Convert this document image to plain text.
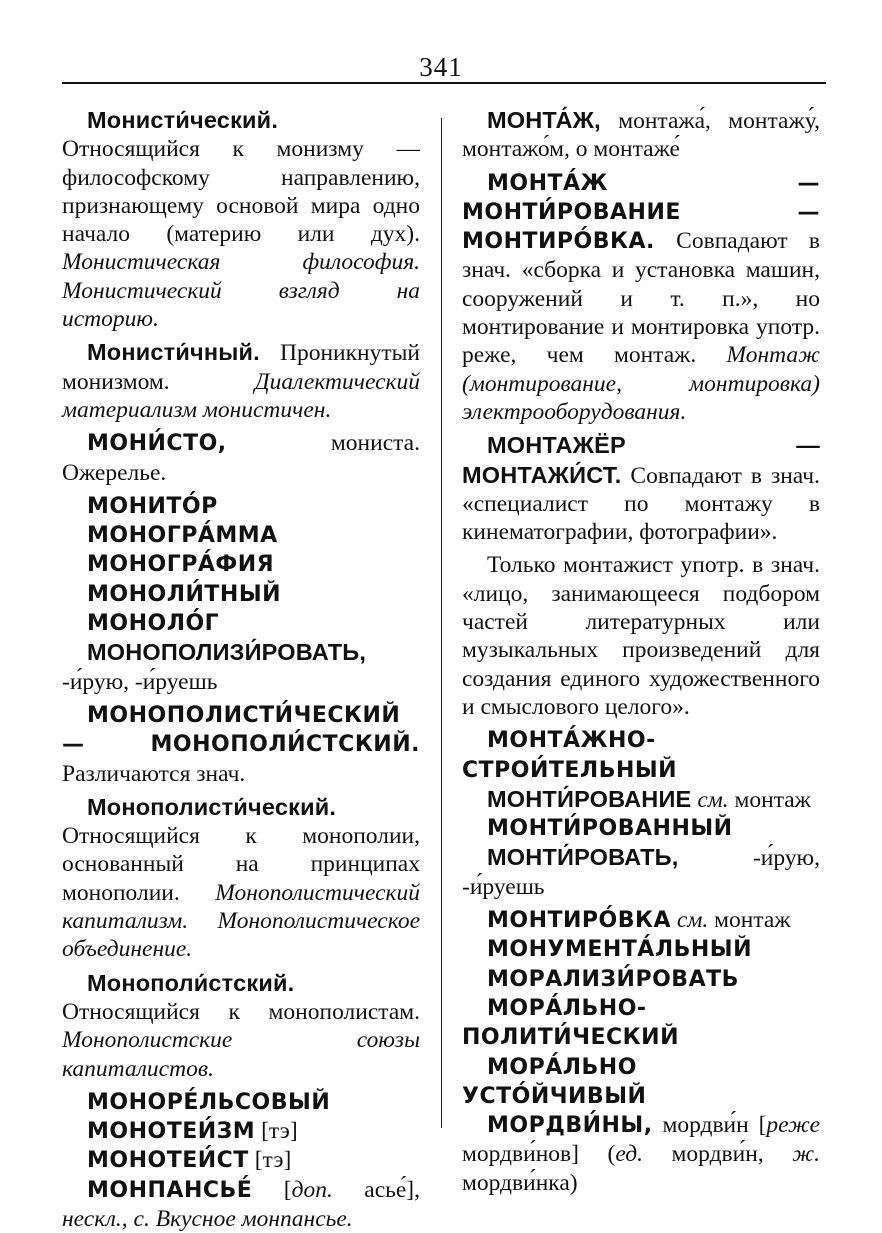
341

Монисти́ческий. Относящийся к монизму — философскому направлению, признающему основой мира одно начало (материю или дух). Монистическая философия. Монистический взгляд на историю.

Монисти́чный. Проникнутый монизмом. Диалектический материализм монистичен.

МОНИ́СТО, мониста. Ожерелье.

МОНИТО́Р

МОНОГРА́ММА

МОНОГРА́ФИЯ

МОНОЛИ́ТНЫЙ

МОНОЛО́Г

МОНОПОЛИЗИ́РОВАТЬ, -и́рую, -и́руешь

МОНОПОЛИСТИ́ЧЕСКИЙ — МОНОПОЛИ́СТСКИЙ. Различаются знач.

Монополисти́ческий. Относящийся к монополии, основанный на принципах монополии. Монополистический капитализм. Монополистическое объединение.

Монополи́стский. Относящийся к монополистам. Монополистские союзы капиталистов.

МОНОРЕ́ЛЬСОВЫЙ

МОНОТЕИ́ЗМ [тэ]

МОНОТЕИ́СТ [тэ]

МОНПАНСЬЕ́ [доп. асье́], нескл., с. Вкусное монпансье.

МОНТА́Ж, монтажа́, монтажу́, монтажо́м, о монтаже́

МОНТА́Ж — МОНТИ́РОВАНИЕ — МОНТИРО́ВКА. Совпадают в знач. «сборка и установка машин, сооружений и т. п.», но монтирование и монтировка употр. реже, чем монтаж. Монтаж (монтирование, монтировка) электрооборудования.

МОНТАЖЁР — МОНТАЖИ́СТ. Совпадают в знач. «специалист по монтажу в кинематографии, фотографии».

Только монтажист употр. в знач. «лицо, занимающееся подбором частей литературных или музыкальных произведений для создания единого художественного и смыслового целого».

МОНТА́ЖНО-СТРОИ́ТЕЛЬНЫЙ

МОНТИ́РОВАНИЕ см. монтаж

МОНТИ́РОВАННЫЙ

МОНТИ́РОВАТЬ, -и́рую, -и́руешь

МОНТИРО́ВКА см. монтаж

МОНУМЕНТА́ЛЬНЫЙ

МОРАЛИЗИ́РОВАТЬ

МОРА́ЛЬНО-ПОЛИТИ́ЧЕСКИЙ

МОРА́ЛЬНО УСТО́ЙЧИВЫЙ

МОРДВИ́НЫ, мордви́н [реже мордви́нов] (ед. мордви́н, ж. мордви́нка)
